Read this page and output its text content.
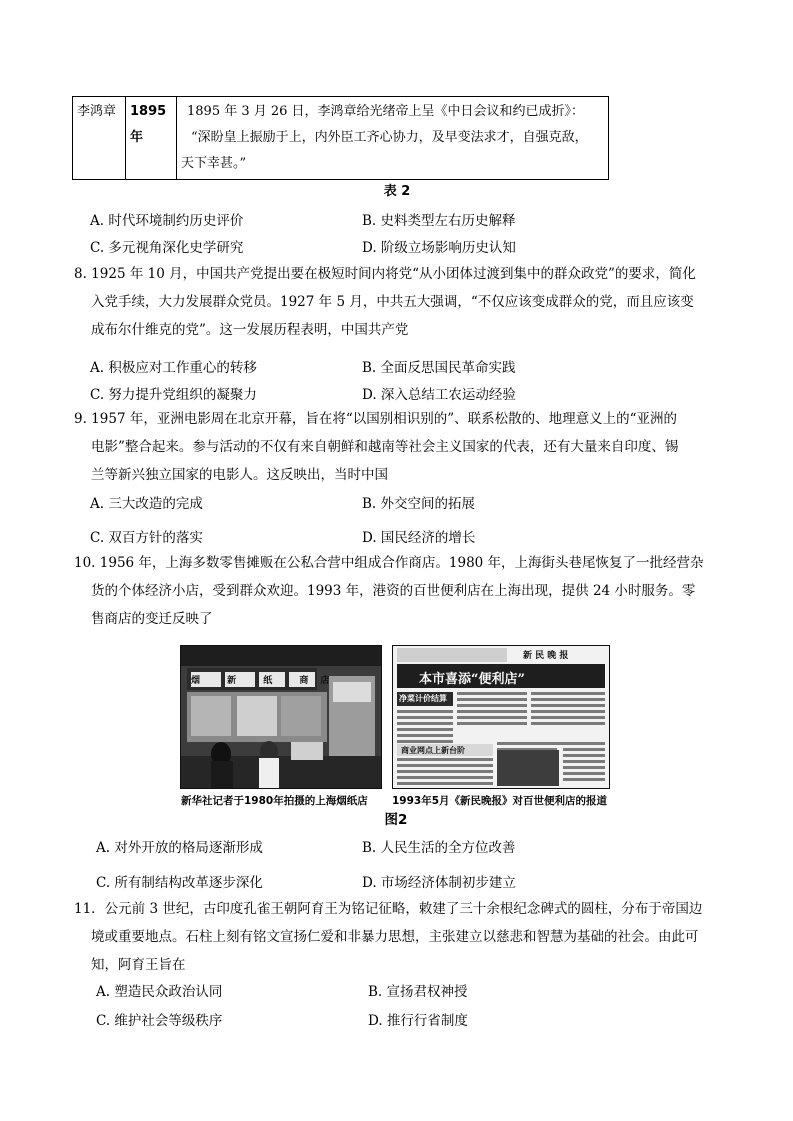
李鸿章	1895年	
1895 年 3 月 26 日，李鸿章给光绪帝上呈《中日会议和约已成折》：
“深盼皇上振励于上，内外臣工齐心协力，及早变法求才，自强克敌，
天下幸甚。”
表 2
A. 时代环境制约历史评价	B. 史料类型左右历史解释
C. 多元视角深化史学研究	D. 阶级立场影响历史认知
8. 1925 年 10 月，中国共产党提出要在极短时间内将党“从小团体过渡到集中的群众政党”的要求，简化
入党手续，大力发展群众党员。1927 年 5 月，中共五大强调，“不仅应该变成群众的党，而且应该变
成布尔什维克的党”。这一发展历程表明，中国共产党
A. 积极应对工作重心的转移	B. 全面反思国民革命实践
C. 努力提升党组织的凝聚力	D. 深入总结工农运动经验
9. 1957 年，亚洲电影周在北京开幕，旨在将“以国别相识别的”、联系松散的、地理意义上的“亚洲的
电影”整合起来。参与活动的不仅有来自朝鲜和越南等社会主义国家的代表，还有大量来自印度、锡
兰等新兴独立国家的电影人。这反映出，当时中国
A. 三大改造的完成	B. 外交空间的拓展
C. 双百方针的落实	D. 国民经济的增长
10. 1956 年，上海多数零售摊贩在公私合营中组成合作商店。1980 年，上海街头巷尾恢复了一批经营杂
货的个体经济小店，受到群众欢迎。1993 年，港资的百世便利店在上海出现，提供 24 小时服务。零
售商店的变迁反映了
烟 新 纸 商店
新 民 晚 报
本市喜添“便利店”
净菜计价结算
商业网点上新台阶
新华社记者于1980年拍摄的上海烟纸店 1993年5月《新民晚报》对百世便利店的报道
图2
A. 对外开放的格局逐渐形成	B. 人民生活的全方位改善
C. 所有制结构改革逐步深化	D. 市场经济体制初步建立
11．公元前 3 世纪，古印度孔雀王朝阿育王为铭记征略，敕建了三十余根纪念碑式的圆柱，分布于帝国边
境或重要地点。石柱上刻有铭文宣扬仁爱和非暴力思想，主张建立以慈悲和智慧为基础的社会。由此可
知，阿育王旨在
A. 塑造民众政治认同	B. 宣扬君权神授
C. 维护社会等级秩序	D. 推行行省制度
